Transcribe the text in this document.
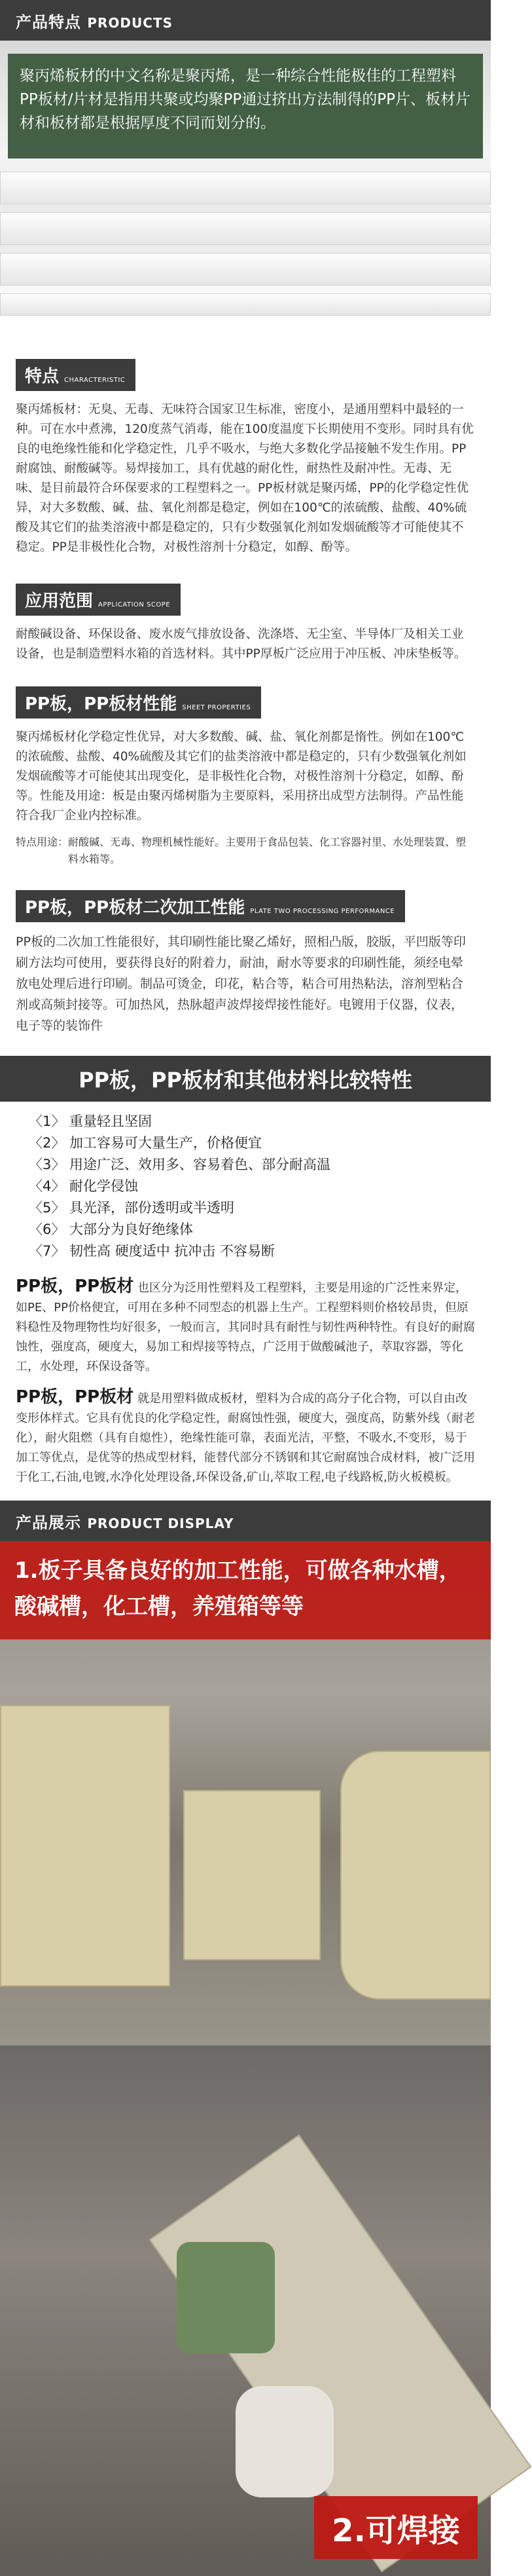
产品特点 PRODUCTS

聚丙烯板材的中文名称是聚丙烯，是一种综合性能极佳的工程塑料PP板材/片材是指用共聚或均聚PP通过挤出方法制得的PP片、板材片材和板材都是根据厚度不同而划分的。

特点 CHARACTERISTIC

聚丙烯板材：无臭、无毒、无味符合国家卫生标准，密度小，是通用塑料中最轻的一种。可在水中煮沸，120度蒸气消毒，能在100度温度下长期使用不变形。同时具有优良的电绝缘性能和化学稳定性，几乎不吸水，与绝大多数化学品接触不发生作用。PP耐腐蚀、耐酸碱等。易焊接加工，具有优越的耐化性，耐热性及耐冲性。无毒、无味、是目前最符合环保要求的工程塑料之一。PP板材就是聚丙烯，PP的化学稳定性优异，对大多数酸、碱、盐、氧化剂都是稳定，例如在100℃的浓硫酸、盐酸、40%硫酸及其它们的盐类溶液中都是稳定的，只有少数强氧化剂如发烟硫酸等才可能使其不稳定。PP是非极性化合物，对极性溶剂十分稳定，如醇、酚等。

应用范围 APPLICATION SCOPE

耐酸碱设备、环保设备、废水废气排放设备、洗涤塔、无尘室、半导体厂及相关工业设备，也是制造塑料水箱的首选材料。其中PP厚板广泛应用于冲压板、冲床垫板等。

PP板，PP板材性能 SHEET PROPERTIES

聚丙烯板材化学稳定性优异，对大多数酸、碱、盐、氧化剂都是惰性。例如在100℃的浓硫酸、盐酸、40%硫酸及其它们的盐类溶液中都是稳定的，只有少数强氧化剂如发烟硫酸等才可能使其出现变化，是非极性化合物，对极性溶剂十分稳定，如醇、酚等。性能及用途：板是由聚丙烯树脂为主要原料，采用挤出成型方法制得。产品性能符合我厂企业内控标准。

特点用途： 耐酸碱、无毒、物理机械性能好。主要用于食品包装、化工容器衬里、水处理装置、塑料水箱等。
PP板，PP板材二次加工性能 PLATE TWO PROCESSING PERFORMANCE

PP板的二次加工性能很好，其印刷性能比聚乙烯好，照相凸版，胶版，平凹版等印刷方法均可使用，要获得良好的附着力，耐油，耐水等要求的印刷性能，须经电晕放电处理后进行印刷。制品可烫金，印花，粘合等，粘合可用热粘法，溶剂型粘合剂或高频封接等。可加热风，热脉超声波焊接焊接性能好。电镀用于仪器，仪表，电子等的装饰件

PP板，PP板材和其他材料比较特性
〈1〉 重量轻且坚固
〈2〉 加工容易可大量生产，价格便宜
〈3〉 用途广泛、效用多、容易着色、部分耐高温
〈4〉 耐化学侵蚀
〈5〉 具光泽，部份透明或半透明
〈6〉 大部分为良好绝缘体
〈7〉 韧性高 硬度适中 抗冲击 不容易断

PP板，PP板材 也区分为泛用性塑料及工程塑料，主要是用途的广泛性来界定，如PE、PP价格便宜，可用在多种不同型态的机器上生产。工程塑料则价格较昂贵，但原料稳性及物理物性均好很多，一般而言，其同时具有耐性与韧性两种特性。有良好的耐腐蚀性，强度高，硬度大，易加工和焊接等特点，广泛用于做酸碱池子，萃取容器，等化工，水处理，环保设备等。

PP板，PP板材 就是用塑料做成板材，塑料为合成的高分子化合物，可以自由改变形体样式。它具有优良的化学稳定性，耐腐蚀性强，硬度大，强度高，防紫外线（耐老化），耐火阻燃（具有自熄性），绝缘性能可靠，表面光洁，平整，不吸水,不变形，易于加工等优点，是优等的热成型材料，能替代部分不锈钢和其它耐腐蚀合成材料，被广泛用于化工,石油,电镀,水净化处理设备,环保设备,矿山,萃取工程,电子线路板,防火板模板。

产品展示 PRODUCT DISPLAY

1.板子具备良好的加工性能，可做各种水槽，酸碱槽，化工槽，养殖箱等等

2.可焊接
